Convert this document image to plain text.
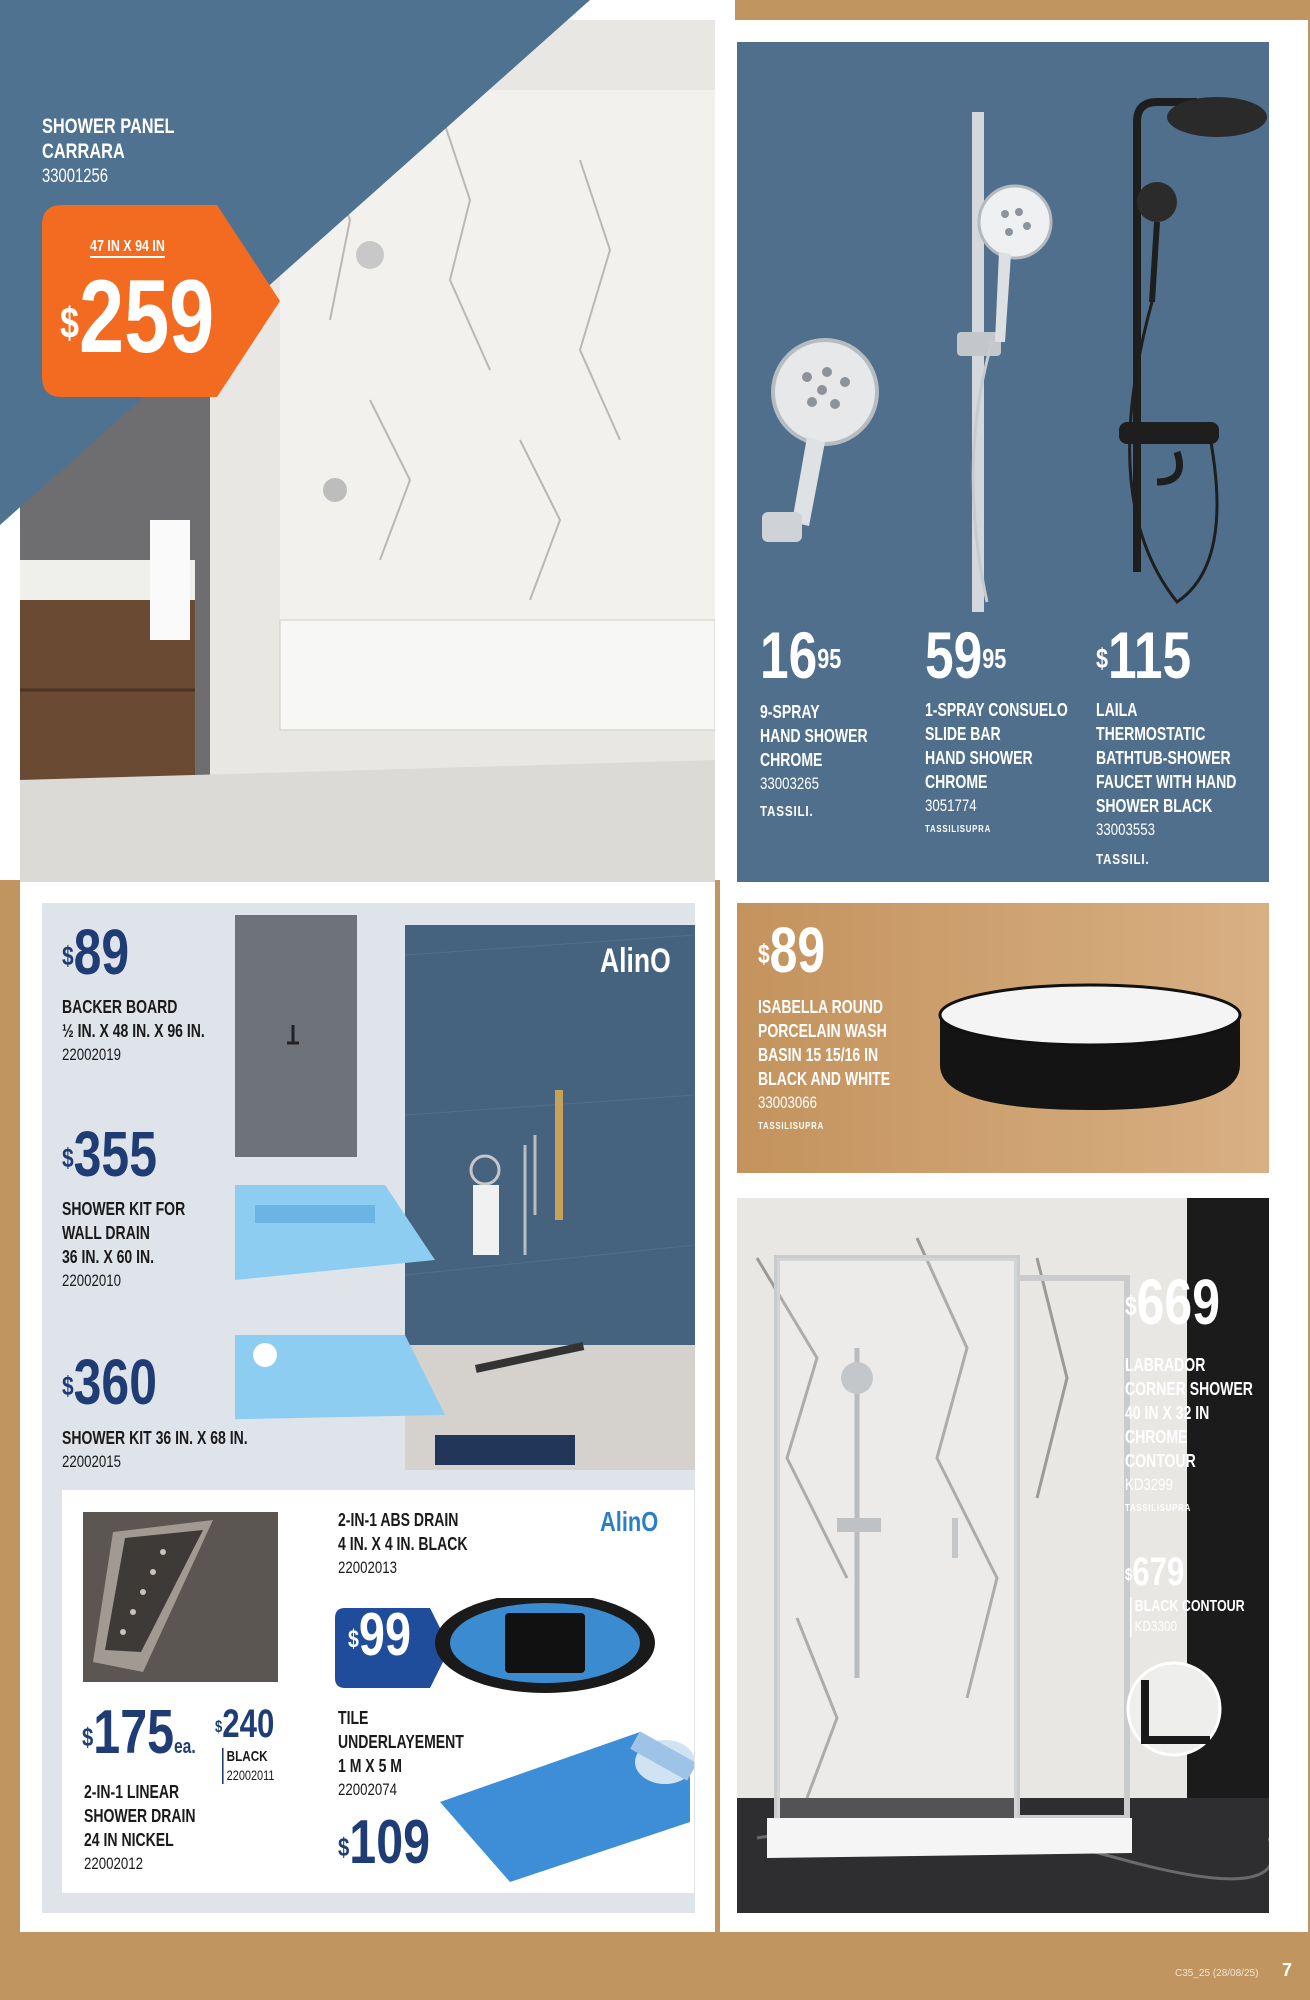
SHOWER PANEL
CARRARA
33001256
47 IN X 94 IN
$259
$16^{95}$
9-SPRAY
HAND SHOWER
CHROME
33003265
TASSILI.
$59^{95}$
1-SPRAY CONSUELO
SLIDE BAR
HAND SHOWER
CHROME
3051774
TASSILISUPRA
$115
LAILA
THERMOSTATIC
BATHTUB-SHOWER
FAUCET WITH HAND
SHOWER BLACK
33003553
TASSILI.
AlinO
$89
BACKER BOARD
½ IN. X 48 IN. X 96 IN.
22002019
$355
SHOWER KIT FOR
WALL DRAIN
36 IN. X 60 IN.
22002010
$360
SHOWER KIT 36 IN. X 68 IN.
22002015
AlinO
$175ea.
$240
BLACK
22002011
2-IN-1 LINEAR
SHOWER DRAIN
24 IN NICKEL
22002012
2-IN-1 ABS DRAIN
4 IN. X 4 IN. BLACK
22002013
$99
TILE
UNDERLAYEMENT
1 M X 5 M
22002074
$109
$89
ISABELLA ROUND
PORCELAIN WASH
BASIN 15 15/16 IN
BLACK AND WHITE
33003066
TASSILISUPRA
$669
LABRADOR
CORNER SHOWER
40 IN X 32 IN
CHROME
CONTOUR
KD3299
TASSILISUPRA
$679
BLACK CONTOUR
KD3300
C35_25 (28/08/25) 7
